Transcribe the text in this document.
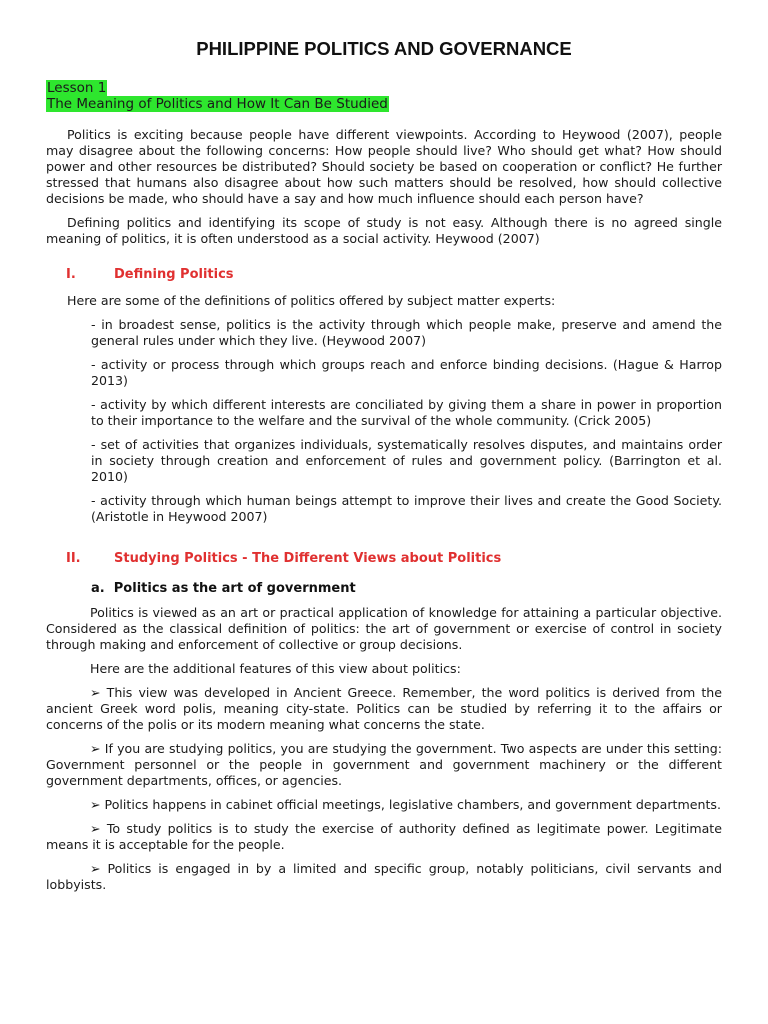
PHILIPPINE POLITICS AND GOVERNANCE
Lesson 1
The Meaning of Politics and How It Can Be Studied

Politics is exciting because people have different viewpoints. According to Heywood (2007), people may disagree about the following concerns: How people should live? Who should get what? How should power and other resources be distributed? Should society be based on cooperation or conflict? He further stressed that humans also disagree about how such matters should be resolved, how should collective decisions be made, who should have a say and how much influence should each person have?

Defining politics and identifying its scope of study is not easy. Although there is no agreed single meaning of politics, it is often understood as a social activity. Heywood (2007)

I.	Defining Politics

Here are some of the definitions of politics offered by subject matter experts:

- in broadest sense, politics is the activity through which people make, preserve and amend the general rules under which they live. (Heywood 2007)

- activity or process through which groups reach and enforce binding decisions. (Hague & Harrop 2013)

- activity by which different interests are conciliated by giving them a share in power in proportion to their importance to the welfare and the survival of the whole community. (Crick 2005)

- set of activities that organizes individuals, systematically resolves disputes, and maintains order in society through creation and enforcement of rules and government policy. (Barrington et al. 2010)

- activity through which human beings attempt to improve their lives and create the Good Society. (Aristotle in Heywood 2007)

II.	Studying Politics - The Different Views about Politics
a. Politics as the art of government

Politics is viewed as an art or practical application of knowledge for attaining a particular objective. Considered as the classical definition of politics: the art of government or exercise of control in society through making and enforcement of collective or group decisions.

Here are the additional features of this view about politics:

➢ This view was developed in Ancient Greece. Remember, the word politics is derived from the ancient Greek word polis, meaning city-state. Politics can be studied by referring it to the affairs or concerns of the polis or its modern meaning what concerns the state.

➢ If you are studying politics, you are studying the government. Two aspects are under this setting: Government personnel or the people in government and government machinery or the different government departments, offices, or agencies.

➢ Politics happens in cabinet official meetings, legislative chambers, and government departments.

➢ To study politics is to study the exercise of authority defined as legitimate power. Legitimate means it is acceptable for the people.

➢ Politics is engaged in by a limited and specific group, notably politicians, civil servants and lobbyists.
